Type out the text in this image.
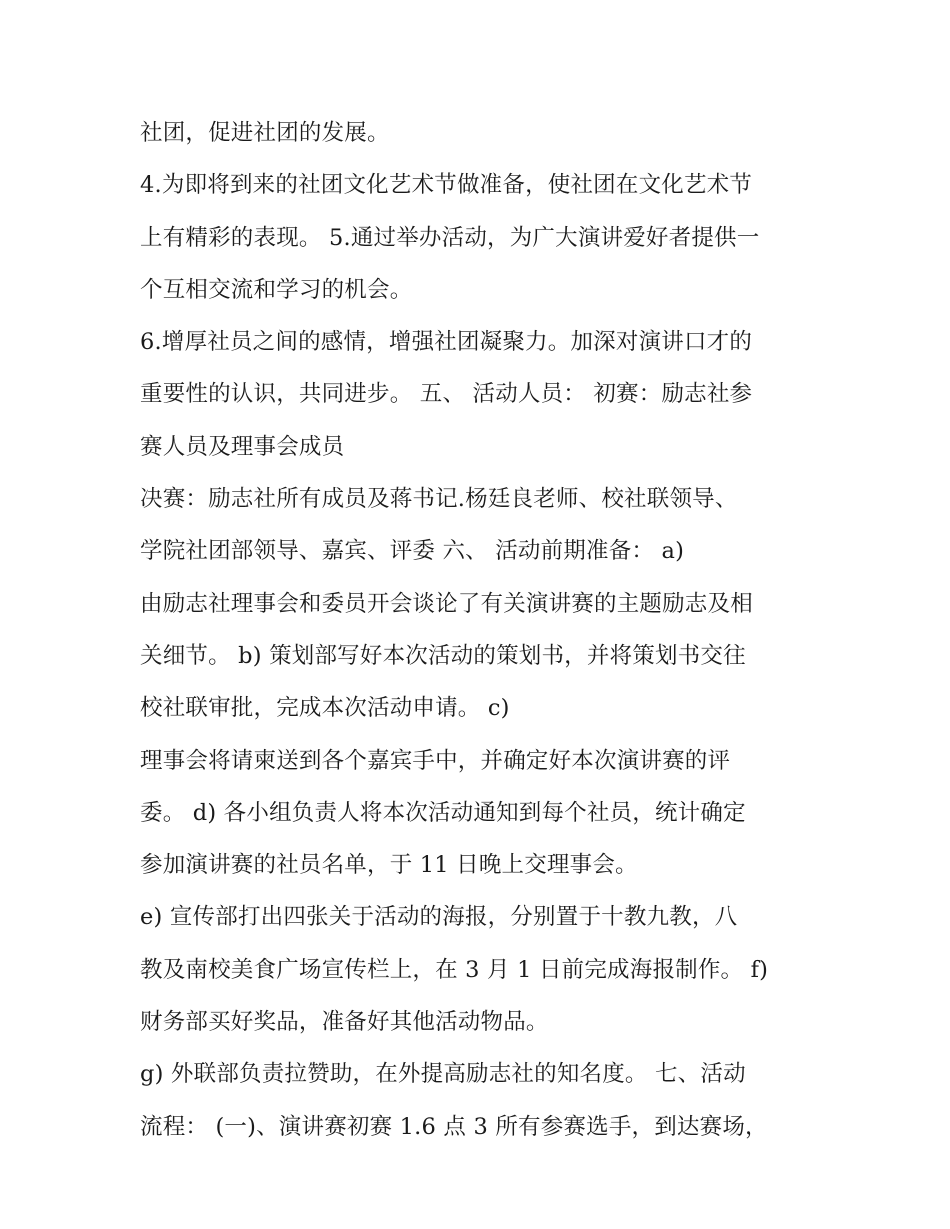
社团，促进社团的发展。
4.为即将到来的社团文化艺术节做准备，使社团在文化艺术节
上有精彩的表现。 5.通过举办活动，为广大演讲爱好者提供一
个互相交流和学习的机会。
6.增厚社员之间的感情，增强社团凝聚力。加深对演讲口才的
重要性的认识，共同进步。 五、 活动人员： 初赛：励志社参
赛人员及理事会成员
决赛：励志社所有成员及蒋书记.杨廷良老师、校社联领导、
学院社团部领导、嘉宾、评委 六、 活动前期准备： a)
由励志社理事会和委员开会谈论了有关演讲赛的主题励志及相
关细节。 b) 策划部写好本次活动的策划书，并将策划书交往
校社联审批，完成本次活动申请。 c)
理事会将请柬送到各个嘉宾手中，并确定好本次演讲赛的评
委。 d) 各小组负责人将本次活动通知到每个社员，统计确定
参加演讲赛的社员名单，于 11 日晚上交理事会。
e) 宣传部打出四张关于活动的海报，分别置于十教九教，八
教及南校美食广场宣传栏上，在 3 月 1 日前完成海报制作。 f)
财务部买好奖品，准备好其他活动物品。
g) 外联部负责拉赞助，在外提高励志社的知名度。 七、活动
流程： (一)、演讲赛初赛 1.6 点 3 所有参赛选手，到达赛场，
